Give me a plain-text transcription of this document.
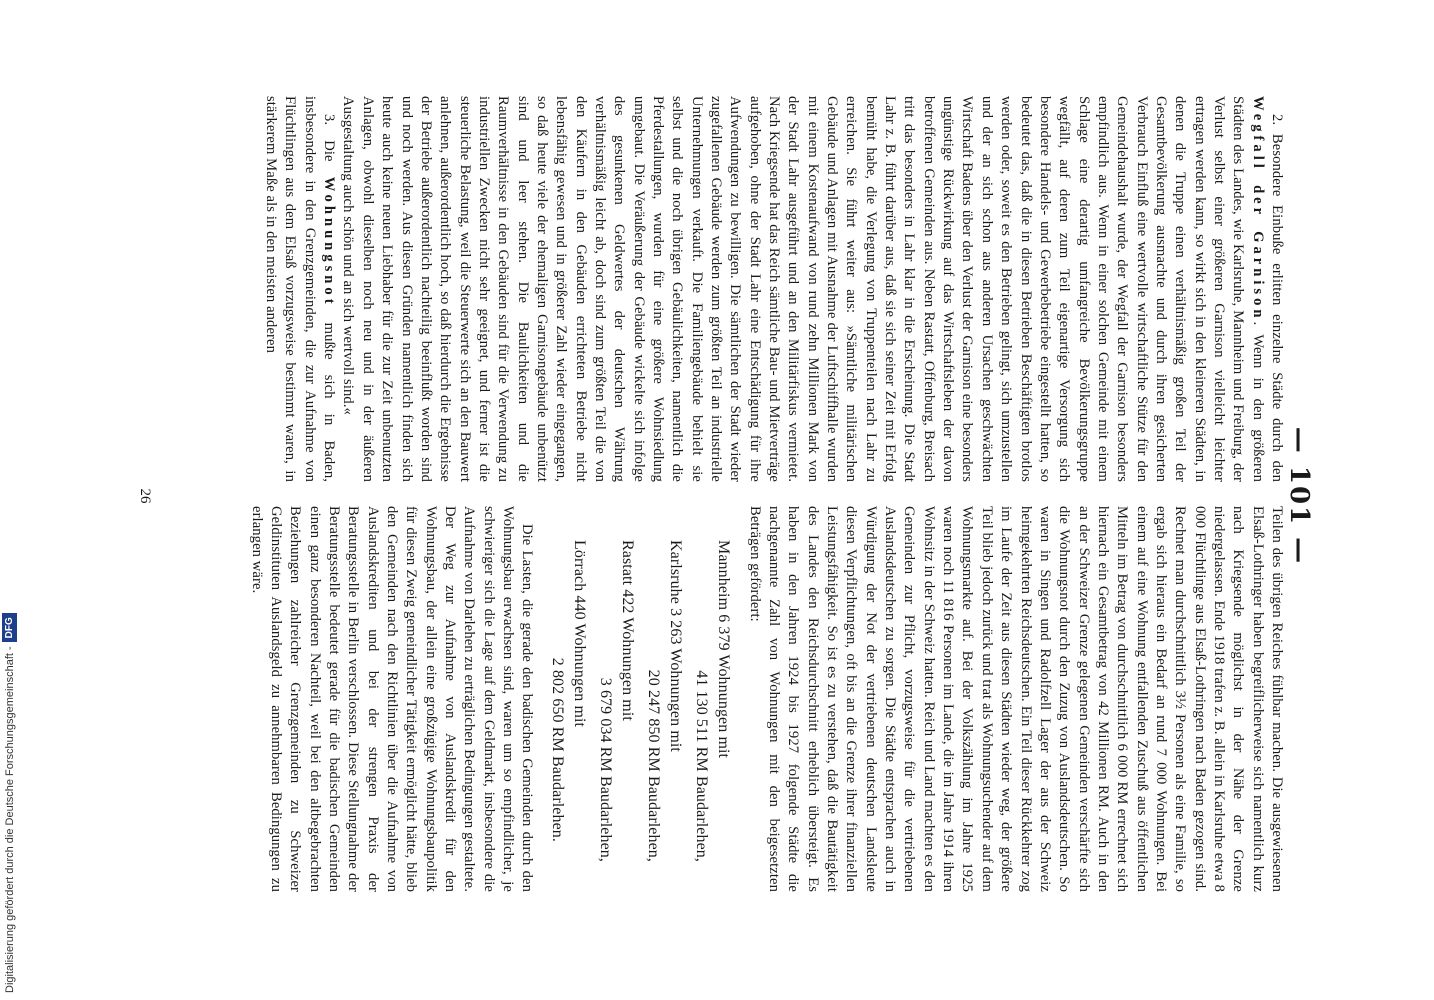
— 101 —

2. Besondere Einbuße erlitten einzelne Städte durch den Wegfall der Garnison. Wenn in den größeren Städten des Landes, wie Karlsruhe, Mannheim und Freiburg, der Verlust selbst einer größeren Garnison vielleicht leichter ertragen werden kann, so wirkt sich in den kleineren Städten, in denen die Truppe einen verhältnismäßig großen Teil der Gesamtbevölkerung ausmachte und durch ihren gesicherten Verbrauch Einfluß eine wertvolle wirtschaftliche Stütze für den Gemeindehaushalt wurde, der Wegfall der Garnison besonders empfindlich aus. Wenn in einer solchen Gemeinde mit einem Schlage eine derartig umfangreiche Bevölkerungsgruppe wegfällt, auf deren zum Teil eigenartige Versorgung sich besondere Handels- und Gewerbebetriebe eingestellt hatten, so bedeutet das, daß die in diesen Betrieben Beschäftigten brotlos werden oder, soweit es den Betrieben gelingt, sich umzustellen und der an sich schon aus anderen Ursachen geschwächten Wirtschaft Badens über den Verlust der Garnison eine besonders ungünstige Rückwirkung auf das Wirtschaftsleben der davon betroffenen Gemeinden aus. Neben Rastatt, Offenburg, Breisach tritt das besonders in Lahr klar in die Erscheinung. Die Stadt Lahr z. B. führt darüber aus, daß sie sich seiner Zeit mit Erfolg bemüht habe, die Verlegung von Truppenteilen nach Lahr zu erreichen. Sie führt weiter aus: »Sämtliche militärischen Gebäude und Anlagen mit Ausnahme der Luftschiffhalle wurden mit einem Kostenaufwand von rund zehn Millionen Mark von der Stadt Lahr ausgeführt und an den Militärfiskus vermietet. Nach Kriegsende hat das Reich sämtliche Bau- und Mietverträge aufgehoben, ohne der Stadt Lahr eine Entschädigung für ihre Aufwendungen zu bewilligen. Die sämtlichen der Stadt wieder zugefallenen Gebäude werden zum größten Teil an industrielle Unternehmungen verkauft. Die Familiengebäude behielt sie selbst und die noch übrigen Gebäulichkeiten, namentlich die Pferdestallungen, wurden für eine größere Wohnsiedlung umgebaut. Die Veräußerung der Gebäude wickelte sich infolge des gesunkenen Geldwertes der deutschen Währung verhältnismäßig leicht ab, doch sind zum größten Teil die von den Käufern in den Gebäuden errichteten Betriebe nicht lebensfähig gewesen und in größerer Zahl wieder eingegangen, so daß heute viele der ehemaligen Garnisongebäude unbenützt sind und leer stehen. Die Baulichkeiten und die Raumverhältnisse in den Gebäuden sind für die Verwendung zu industriellen Zwecken nicht sehr geeignet, und ferner ist die steuerliche Belastung, weil die Steuerwerte sich an den Bauwert anlehnen, außerordentlich hoch, so daß hierdurch die Ergebnisse der Betriebe außerordentlich nachteilig beeinflußt worden sind und noch werden. Aus diesen Gründen namentlich finden sich heute auch keine neuen Liebhaber für die zur Zeit unbenutzten Anlagen, obwohl dieselben noch neu und in der äußeren Ausgestaltung auch schön und an sich wertvoll sind.«

3. Die Wohnungsnot mußte sich in Baden, insbesondere in den Grenzgemeinden, die zur Aufnahme von Flüchtlingen aus dem Elsaß vorzugsweise bestimmt waren, in stärkerem Maße als in den meisten anderen

Teilen des übrigen Reiches fühlbar machen. Die ausgewiesenen Elsaß-Lothringer haben begreiflicherweise sich namentlich kurz nach Kriegsende möglichst in der Nähe der Grenze niedergelassen. Ende 1918 trafen z. B. allein in Karlsruhe etwa 8 000 Flüchtlinge aus Elsaß-Lothringen nach Baden gezogen sind. Rechnet man durchschnittlich 3½ Personen als eine Familie, so ergab sich hieraus ein Bedarf an rund 7 000 Wohnungen. Bei einem auf eine Wohnung entfallenden Zuschuß aus öffentlichen Mitteln im Betrag von durchschnittlich 6 000 RM errechnet sich hiernach ein Gesamtbetrag von 42 Millionen RM. Auch in den an der Schweizer Grenze gelegenen Gemeinden verschärfte sich die Wohnungsnot durch den Zuzug von Auslandsdeutschen. So waren in Singen und Radolfzell Lager der aus der Schweiz heimgekehrten Reichsdeutschen. Ein Teil dieser Rückkehrer zog im Laufe der Zeit aus diesen Städten wieder weg, der größere Teil blieb jedoch zurück und trat als Wohnungsuchender auf dem Wohnungsmarkte auf. Bei der Volkszählung im Jahre 1925 waren noch 11 816 Personen im Lande, die im Jahre 1914 ihren Wohnsitz in der Schweiz hatten. Reich und Land machten es den Gemeinden zur Pflicht, vorzugsweise für die vertriebenen Auslandsdeutschen zu sorgen. Die Städte entsprachen auch in Würdigung der Not der vertriebenen deutschen Landsleute diesen Verpflichtungen, oft bis an die Grenze ihrer finanziellen Leistungsfähigkeit. So ist es zu verstehen, daß die Bautätigkeit des Landes den Reichsdurchschnitt erheblich übersteigt. Es haben in den Jahren 1924 bis 1927 folgende Städte die nachgenannte Zahl von Wohnungen mit den beigesetzten Beträgen gefördert:

Mannheim 6 379 Wohnungen mit

41 130 511 RM Baudarlehen,

Karlsruhe 3 263 Wohnungen mit

20 247 850 RM Baudarlehen,

Rastatt 422 Wohnungen mit

3 679 034 RM Baudarlehen,

Lörrach 440 Wohnungen mit

2 802 650 RM Baudarlehen.

Die Lasten, die gerade den badischen Gemeinden durch den Wohnungsbau erwachsen sind, waren um so empfindlicher, je schwieriger sich die Lage auf dem Geldmarkt, insbesondere die Aufnahme von Darlehen zu erträglichen Bedingungen gestaltete. Der Weg zur Aufnahme von Auslandskredit für den Wohnungsbau, der allein eine großzügige Wohnungsbaupolitik für diesen Zweig gemeindlicher Tätigkeit ermöglicht hätte, blieb den Gemeinden nach den Richtlinien über die Aufnahme von Auslandskrediten und bei der strengen Praxis der Beratungsstelle in Berlin verschlossen. Diese Stellungnahme der Beratungsstelle bedeutet gerade für die badischen Gemeinden einen ganz besonderen Nachteil, weil bei den altbegebrachten Beziehungen zahlreicher Grenzgemeinden zu Schweizer Geldinstituten Auslandsgeld zu annehmbaren Bedingungen zu erlangen wäre.

26
Digitalisierung gefördert durch die Deutsche Forschungsgemeinschaft -
DFG
